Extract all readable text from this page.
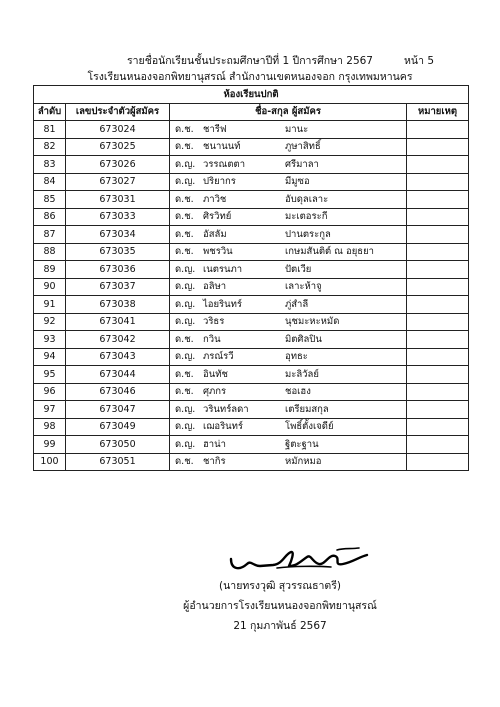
รายชื่อนักเรียนชั้นประถมศึกษาปีที่ 1 ปีการศึกษา 2567	หน้า 5
โรงเรียนหนองจอกพิทยานุสรณ์ สำนักงานเขตหนองจอก กรุงเทพมหานคร
ห้องเรียนปกติ			
ลำดับ	เลขประจำตัวผู้สมัคร	ชื่อ-สกุล ผู้สมัคร	หมายเหตุ
81	673024	ด.ช. ชารีฟ มานะ	
82	673025	ด.ช. ชนานนท์ ภูษาสิทธิ์	
83	673026	ด.ญ. วรรณตตา ศรีมาลา	
84	673027	ด.ญ. ปริยากร มีมูซอ	
85	673031	ด.ช. ภาวิช อับดุลเลาะ	
86	673033	ด.ช. ศิรวิทย์ มะเตอระกี	
87	673034	ด.ช. อัสลัม ปานตระกูล	
88	673035	ด.ช. พชรวิน เกษมสันติต์ ณ อยุธยา	
89	673036	ด.ญ. เนตรนภา ปัตเวีย	
90	673037	ด.ญ. อลิษา เลาะห้าจู	
91	673038	ด.ญ. ไอยรินทร์ ภู่สำลี	
92	673041	ด.ญ. วริธร นุชมะหะหมัด	
93	673042	ด.ช. กวิน มิตศิลปิน	
94	673043	ด.ญ. ภรณ์รวี อุทธะ	
95	673044	ด.ช. อินทัช มะลิวัลย์	
96	673046	ด.ช. ศุภกร ชอเฮง	
97	673047	ด.ญ. วรินทร์ลดา เตรียมสกุล	
98	673049	ด.ญ. เฌอรินทร์ โพธิ์ตั้งเจดีย์	
99	673050	ด.ญ. ฮาน่า ฐิตะฐาน	
100	673051	ด.ช. ชากิร หมักหมอ	
(นายทรงวุฒิ สุวรรณธาตรี)
ผู้อำนวยการโรงเรียนหนองจอกพิทยานุสรณ์
21 กุมภาพันธ์ 2567
